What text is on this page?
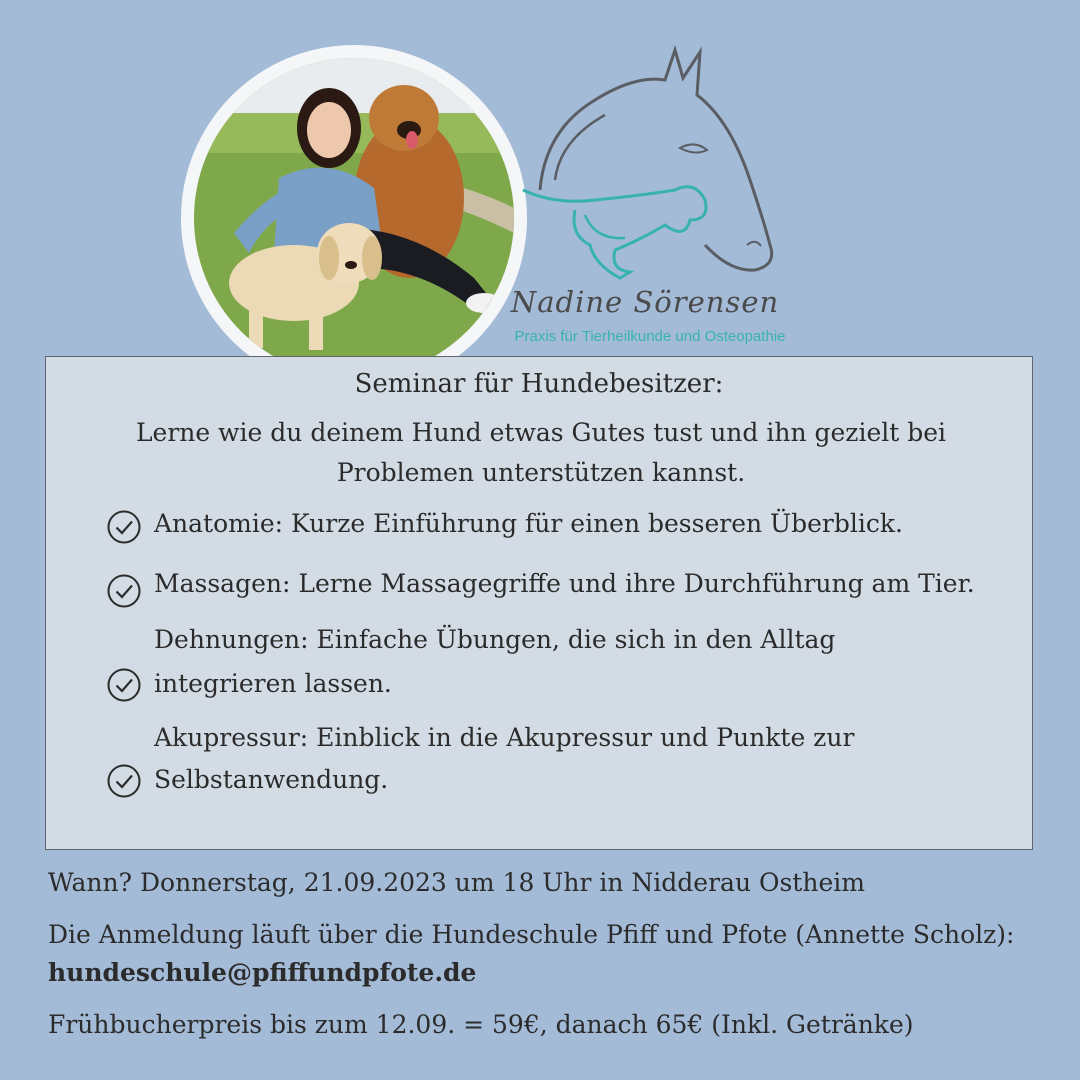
Nadine Sörensen
Praxis für Tierheilkunde und Osteopathie
Seminar für Hundebesitzer:
Lerne wie du deinem Hund etwas Gutes tust und ihn gezielt bei Problemen unterstützen kannst.
Anatomie: Kurze Einführung für einen besseren Überblick.
Massagen: Lerne Massagegriffe und ihre Durchführung am Tier.
Dehnungen: Einfache Übungen, die sich in den Alltag
integrieren lassen.
Akupressur: Einblick in die Akupressur und Punkte zur
Selbstanwendung.
Wann? Donnerstag, 21.09.2023 um 18 Uhr in Nidderau Ostheim
Die Anmeldung läuft über die Hundeschule Pfiff und Pfote (Annette Scholz):
hundeschule@pfiffundpfote.de
Frühbucherpreis bis zum 12.09. = 59€, danach 65€ (Inkl. Getränke)
